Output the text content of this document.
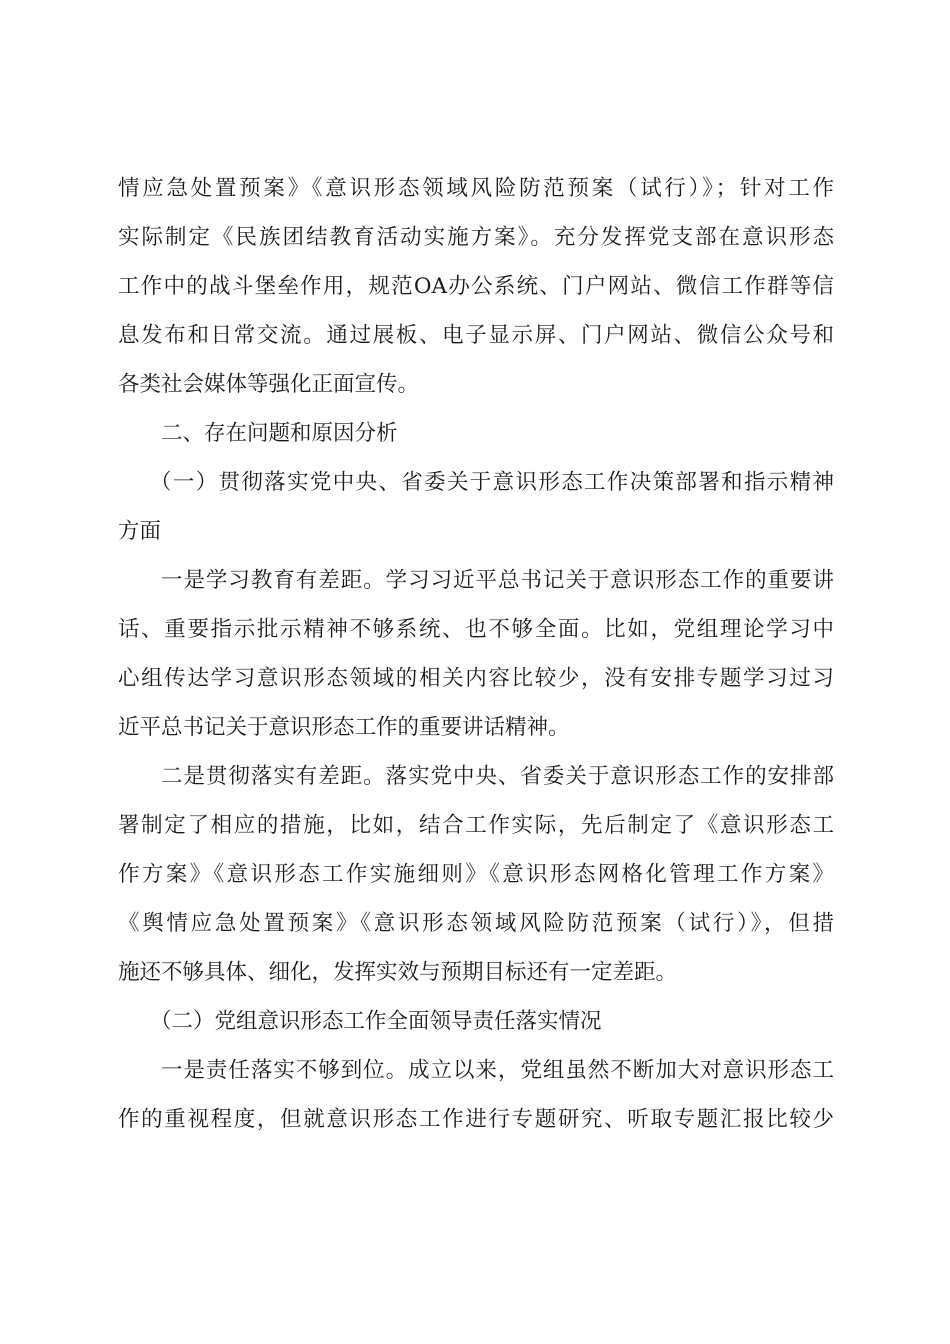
情应急处置预案》《意识形态领域风险防范预案（试行）》；针对工作
实际制定《民族团结教育活动实施方案》。充分发挥党支部在意识形态
工作中的战斗堡垒作用，规范OA办公系统、门户网站、微信工作群等信
息发布和日常交流。通过展板、电子显示屏、门户网站、微信公众号和
各类社会媒体等强化正面宣传。
二、存在问题和原因分析
（一）贯彻落实党中央、省委关于意识形态工作决策部署和指示精神
方面
一是学习教育有差距。学习习近平总书记关于意识形态工作的重要讲
话、重要指示批示精神不够系统、也不够全面。比如，党组理论学习中
心组传达学习意识形态领域的相关内容比较少，没有安排专题学习过习
近平总书记关于意识形态工作的重要讲话精神。
二是贯彻落实有差距。落实党中央、省委关于意识形态工作的安排部
署制定了相应的措施，比如，结合工作实际，先后制定了《意识形态工
作方案》《意识形态工作实施细则》《意识形态网格化管理工作方案》
《舆情应急处置预案》《意识形态领域风险防范预案（试行）》，但措
施还不够具体、细化，发挥实效与预期目标还有一定差距。
（二）党组意识形态工作全面领导责任落实情况
一是责任落实不够到位。成立以来，党组虽然不断加大对意识形态工
作的重视程度，但就意识形态工作进行专题研究、听取专题汇报比较少
